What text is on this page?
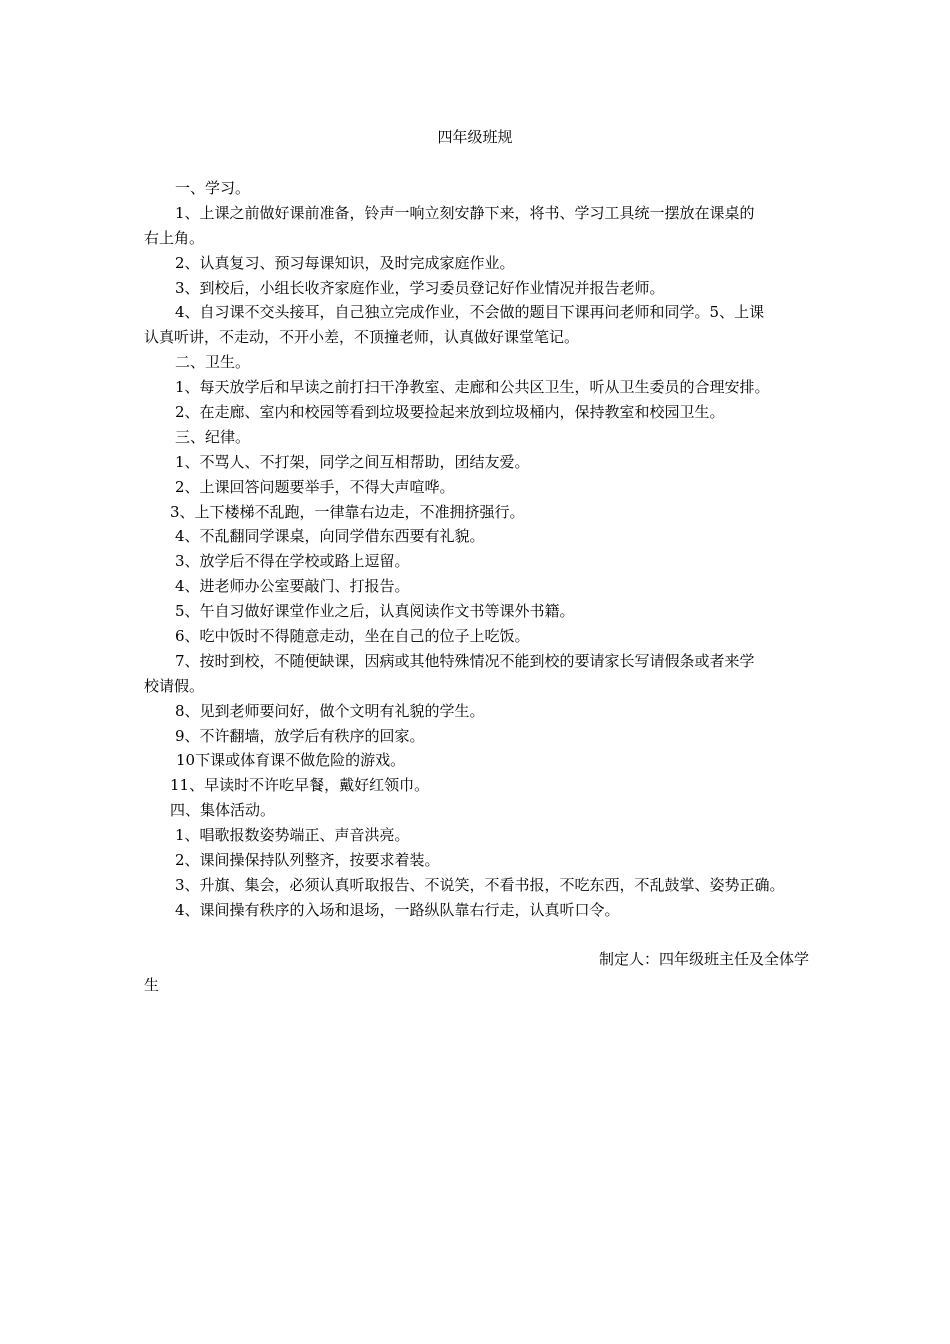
四年级班规
一、学习。
1、上课之前做好课前准备，铃声一响立刻安静下来，将书、学习工具统一摆放在课桌的
右上角。
2、认真复习、预习每课知识，及时完成家庭作业。
3、到校后，小组长收齐家庭作业，学习委员登记好作业情况并报告老师。
4、自习课不交头接耳，自己独立完成作业，不会做的题目下课再问老师和同学。5、上课
认真听讲，不走动，不开小差，不顶撞老师，认真做好课堂笔记。
二、卫生。
1、每天放学后和早读之前打扫干净教室、走廊和公共区卫生，听从卫生委员的合理安排。
2、在走廊、室内和校园等看到垃圾要捡起来放到垃圾桶内，保持教室和校园卫生。
三、纪律。
1、不骂人、不打架，同学之间互相帮助，团结友爱。
2、上课回答问题要举手，不得大声喧哗。
3、上下楼梯不乱跑，一律靠右边走，不准拥挤强行。
4、不乱翻同学课桌，向同学借东西要有礼貌。
3、放学后不得在学校或路上逗留。
4、进老师办公室要敲门、打报告。
5、午自习做好课堂作业之后，认真阅读作文书等课外书籍。
6、吃中饭时不得随意走动，坐在自己的位子上吃饭。
7、按时到校，不随便缺课，因病或其他特殊情况不能到校的要请家长写请假条或者来学
校请假。
8、见到老师要问好，做个文明有礼貌的学生。
9、不许翻墙，放学后有秩序的回家。
10下课或体育课不做危险的游戏。
11、早读时不许吃早餐，戴好红领巾。
四、集体活动。
1、唱歌报数姿势端正、声音洪亮。
2、课间操保持队列整齐，按要求着装。
3、升旗、集会，必须认真听取报告、不说笑，不看书报，不吃东西，不乱鼓掌、姿势正确。
4、课间操有秩序的入场和退场，一路纵队靠右行走，认真听口令。
制定人：四年级班主任及全体学
生
